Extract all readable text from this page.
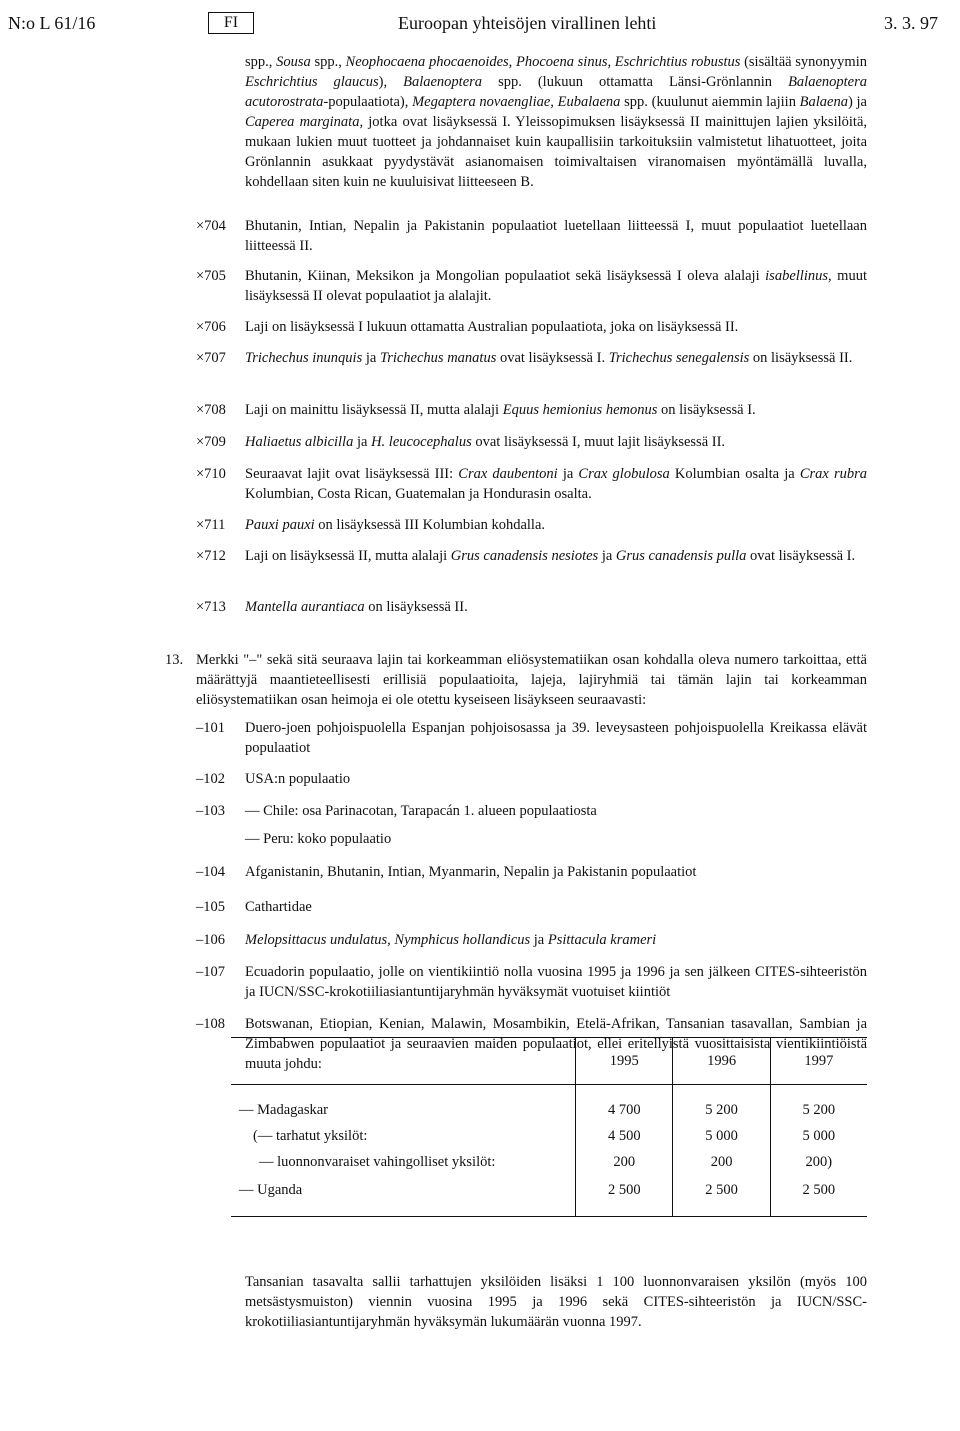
N:o L 61/16	FI	Euroopan yhteisöjen virallinen lehti	3. 3. 97
spp., Sousa spp., Neophocaena phocaenoides, Phocoena sinus, Eschrichtius robustus (sisältää synonyymin Eschrichtius glaucus), Balaenoptera spp. (lukuun ottamatta Länsi-Grönlannin Balaenoptera acutorostrata-populaatiota), Megaptera novaengliae, Eubalaena spp. (kuulunut aiemmin lajiin Balaena) ja Caperea marginata, jotka ovat lisäyksessä I. Yleissopimuksen lisäyksessä II mainittujen lajien yksilöitä, mukaan lukien muut tuotteet ja johdannaiset kuin kaupallisiin tarkoituksiin valmistetut lihatuotteet, joita Grönlannin asukkaat pyydystävät asianomaisen toimivaltaisen viranomaisen myöntämällä luvalla, kohdellaan siten kuin ne kuuluisivat liitteeseen B.
×704	Bhutanin, Intian, Nepalin ja Pakistanin populaatiot luetellaan liitteessä I, muut populaatiot luetellaan liitteessä II.
×705	Bhutanin, Kiinan, Meksikon ja Mongolian populaatiot sekä lisäyksessä I oleva alalaji isabellinus, muut lisäyksessä II olevat populaatiot ja alalajit.
×706	Laji on lisäyksessä I lukuun ottamatta Australian populaatiota, joka on lisäyksessä II.
×707	Trichechus inunquis ja Trichechus manatus ovat lisäyksessä I. Trichechus senegalensis on lisäyksessä II.
×708	Laji on mainittu lisäyksessä II, mutta alalaji Equus hemionius hemonus on lisäyksessä I.
×709	Haliaetus albicilla ja H. leucocephalus ovat lisäyksessä I, muut lajit lisäyksessä II.
×710	Seuraavat lajit ovat lisäyksessä III: Crax daubentoni ja Crax globulosa Kolumbian osalta ja Crax rubra Kolumbian, Costa Rican, Guatemalan ja Hondurasin osalta.
×711	Pauxi pauxi on lisäyksessä III Kolumbian kohdalla.
×712	Laji on lisäyksessä II, mutta alalaji Grus canadensis nesiotes ja Grus canadensis pulla ovat lisäyksessä I.
×713	Mantella aurantiaca on lisäyksessä II.
13. Merkki "–" sekä sitä seuraava lajin tai korkeamman eliösystematiikan osan kohdalla oleva numero tarkoittaa, että määrättyjä maantieteellisesti erillisiä populaatioita, lajeja, lajiryhmiä tai tämän lajin tai korkeamman eliösystematiikan osan heimoja ei ole otettu kyseiseen lisäykseen seuraavasti:
–101	Duero-joen pohjoispuolella Espanjan pohjoisosassa ja 39. leveysasteen pohjoispuolella Kreikassa elävät populaatiot
–102	USA:n populaatio
–103	— Chile: osa Parinacotan, Tarapacán 1. alueen populaatiosta
— Peru: koko populaatio
–104	Afganistanin, Bhutanin, Intian, Myanmarin, Nepalin ja Pakistanin populaatiot
–105	Cathartidae
–106	Melopsittacus undulatus, Nymphicus hollandicus ja Psittacula krameri
–107	Ecuadorin populaatio, jolle on vientikiintiö nolla vuosina 1995 ja 1996 ja sen jälkeen CITES-sihteeristön ja IUCN/SSC-krokotiiliasiantuntijaryhmän hyväksymät vuotuiset kiintiöt
–108	Botswanan, Etiopian, Kenian, Malawin, Mosambikin, Etelä-Afrikan, Tansanian tasavallan, Sambian ja Zimbabwen populaatiot ja seuraavien maiden populaatiot, ellei eritellyistä vuosittaisista vientikiintiöistä muuta johdu:
		1995	1996	1997

— Madagaskar	4 700	5 200	5 200
(— tarhatut yksilöt:	4 500	5 000	5 000
— luonnonvaraiset vahingolliset yksilöt:	200	200	200)
— Uganda	2 500	2 500	2 500
Tansanian tasavalta sallii tarhattujen yksilöiden lisäksi 1 100 luonnonvaraisen yksilön (myös 100 metsästysmuiston) viennin vuosina 1995 ja 1996 sekä CITES-sihteeristön ja IUCN/SSC-krokotiiliasiantuntijaryhmän hyväksymän lukumäärän vuonna 1997.
